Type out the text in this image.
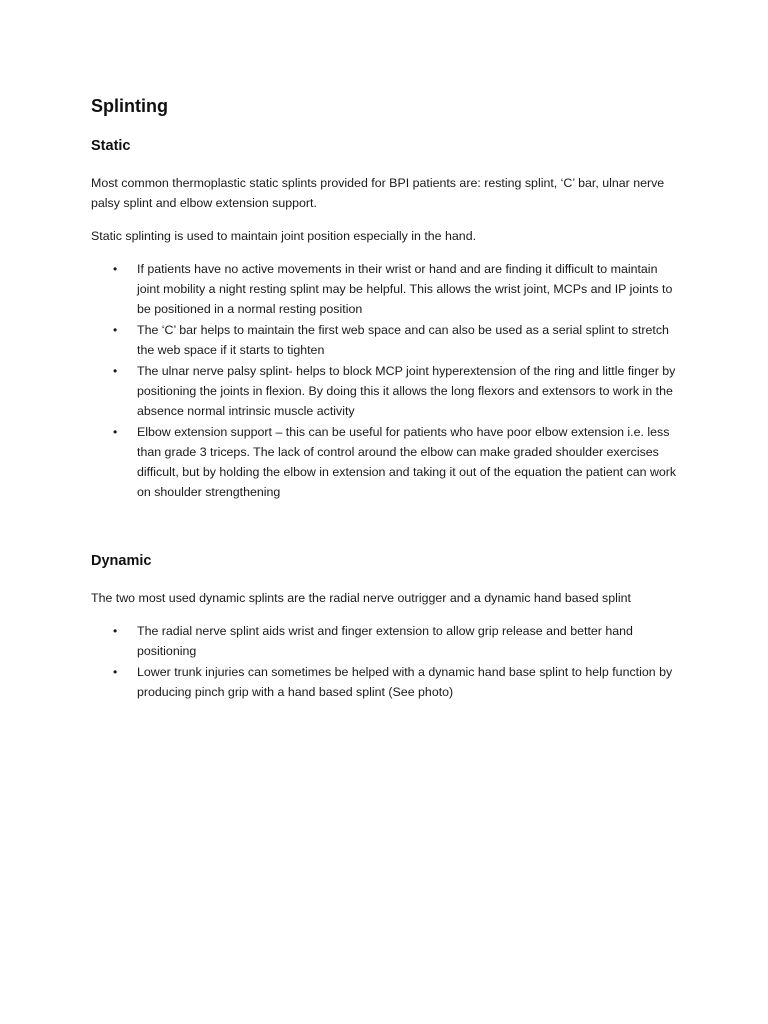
Splinting
Static

Most common thermoplastic static splints provided for BPI patients are: resting splint, ‘C’ bar, ulnar nerve palsy splint and elbow extension support.

Static splinting is used to maintain joint position especially in the hand.

• If patients have no active movements in their wrist or hand and are finding it difficult to maintain joint mobility a night resting splint may be helpful. This allows the wrist joint, MCPs and IP joints to be positioned in a normal resting position
• The ‘C’ bar helps to maintain the first web space and can also be used as a serial splint to stretch the web space if it starts to tighten
• The ulnar nerve palsy splint- helps to block MCP joint hyperextension of the ring and little finger by positioning the joints in flexion. By doing this it allows the long flexors and extensors to work in the absence normal intrinsic muscle activity
• Elbow extension support – this can be useful for patients who have poor elbow extension i.e. less than grade 3 triceps. The lack of control around the elbow can make graded shoulder exercises difficult, but by holding the elbow in extension and taking it out of the equation the patient can work on shoulder strengthening
Dynamic

The two most used dynamic splints are the radial nerve outrigger and a dynamic hand based splint

• The radial nerve splint aids wrist and finger extension to allow grip release and better hand positioning
• Lower trunk injuries can sometimes be helped with a dynamic hand base splint to help function by producing pinch grip with a hand based splint (See photo)
